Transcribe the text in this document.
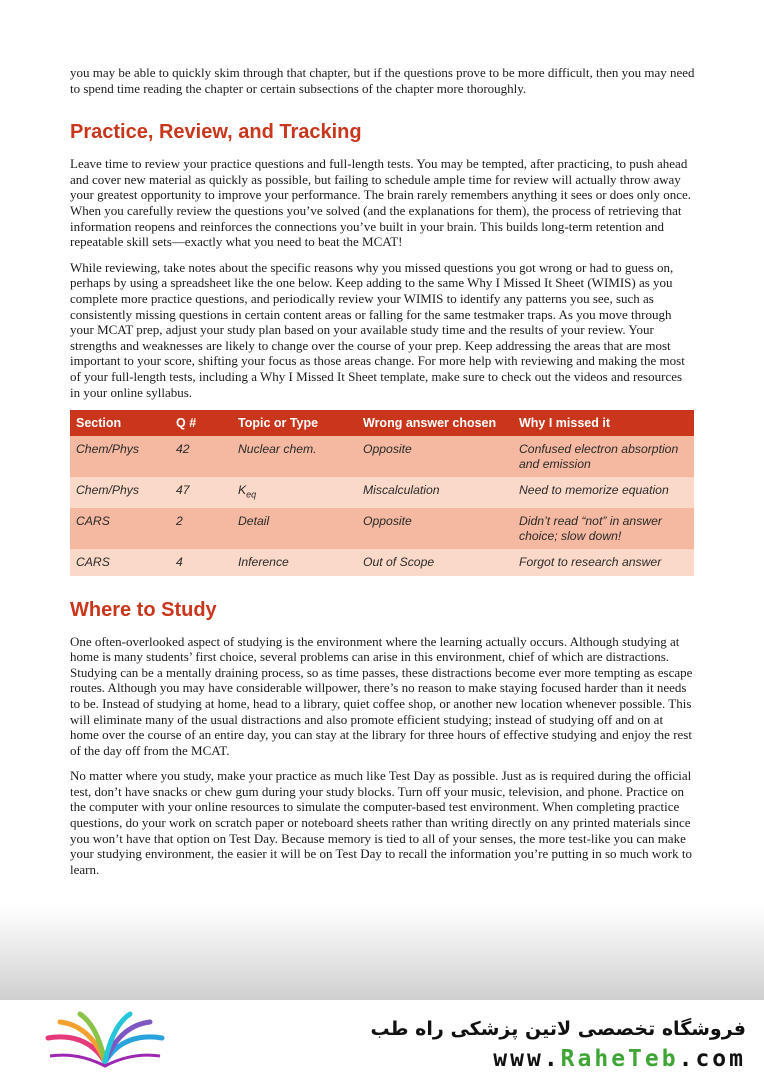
you may be able to quickly skim through that chapter, but if the questions prove to be more difficult, then you may need to spend time reading the chapter or certain subsections of the chapter more thoroughly.

Practice, Review, and Tracking

Leave time to review your practice questions and full-length tests. You may be tempted, after practicing, to push ahead and cover new material as quickly as possible, but failing to schedule ample time for review will actually throw away your greatest opportunity to improve your performance. The brain rarely remembers anything it sees or does only once. When you carefully review the questions you’ve solved (and the explanations for them), the process of retrieving that information reopens and reinforces the connections you’ve built in your brain. This builds long-term retention and repeatable skill sets—exactly what you need to beat the MCAT!

While reviewing, take notes about the specific reasons why you missed questions you got wrong or had to guess on, perhaps by using a spreadsheet like the one below. Keep adding to the same Why I Missed It Sheet (WIMIS) as you complete more practice questions, and periodically review your WIMIS to identify any patterns you see, such as consistently missing questions in certain content areas or falling for the same testmaker traps. As you move through your MCAT prep, adjust your study plan based on your available study time and the results of your review. Your strengths and weaknesses are likely to change over the course of your prep. Keep addressing the areas that are most important to your score, shifting your focus as those areas change. For more help with reviewing and making the most of your full-length tests, including a Why I Missed It Sheet template, make sure to check out the videos and resources in your online syllabus.

Section	Q #	Topic or Type	Wrong answer chosen	Why I missed it
Chem/Phys	42	Nuclear chem.	Opposite	Confused electron absorption and emission
Chem/Phys	47	$K_{eq}$	Miscalculation	Need to memorize equation
CARS	2	Detail	Opposite	Didn’t read “not” in answer choice; slow down!
CARS	4	Inference	Out of Scope	Forgot to research answer
Where to Study

One often-overlooked aspect of studying is the environment where the learning actually occurs. Although studying at home is many students’ first choice, several problems can arise in this environment, chief of which are distractions. Studying can be a mentally draining process, so as time passes, these distractions become ever more tempting as escape routes. Although you may have considerable willpower, there’s no reason to make staying focused harder than it needs to be. Instead of studying at home, head to a library, quiet coffee shop, or another new location whenever possible. This will eliminate many of the usual distractions and also promote efficient studying; instead of studying off and on at home over the course of an entire day, you can stay at the library for three hours of effective studying and enjoy the rest of the day off from the MCAT.

No matter where you study, make your practice as much like Test Day as possible. Just as is required during the official test, don’t have snacks or chew gum during your study blocks. Turn off your music, television, and phone. Practice on the computer with your online resources to simulate the computer-based test environment. When completing practice questions, do your work on scratch paper or noteboard sheets rather than writing directly on any printed materials since you won’t have that option on Test Day. Because memory is tied to all of your senses, the more test-like you can make your studying environment, the easier it will be on Test Day to recall the information you’re putting in so much work to learn.

فروشگاه تخصصی لاتین پزشکی راه طب

www.RaheTeb.com
